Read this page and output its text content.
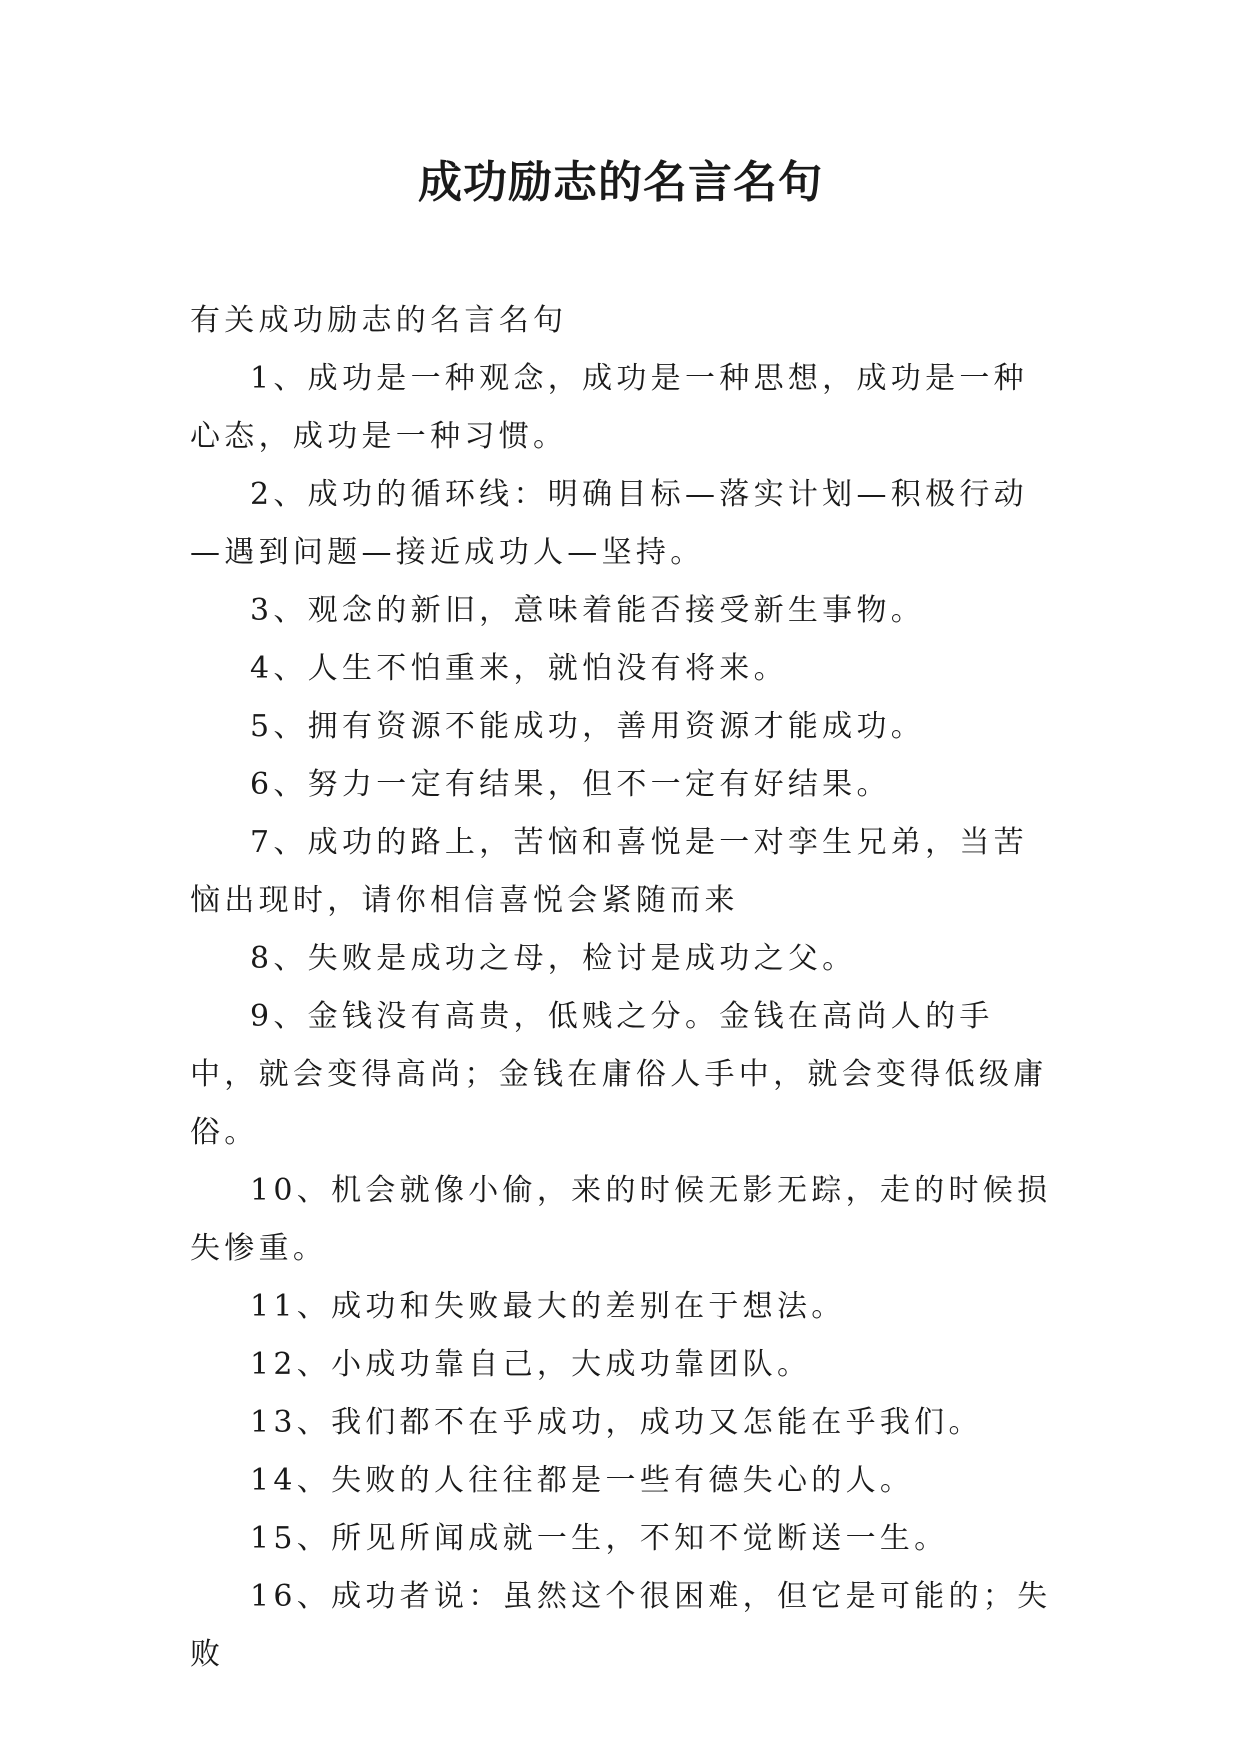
成功励志的名言名句

有关成功励志的名言名句

1、成功是一种观念，成功是一种思想，成功是一种心态，成功是一种习惯。

2、成功的循环线：明确目标—落实计划—积极行动—遇到问题—接近成功人—坚持。

3、观念的新旧，意味着能否接受新生事物。

4、人生不怕重来，就怕没有将来。

5、拥有资源不能成功，善用资源才能成功。

6、努力一定有结果，但不一定有好结果。

7、成功的路上，苦恼和喜悦是一对孪生兄弟，当苦恼出现时，请你相信喜悦会紧随而来

8、失败是成功之母，检讨是成功之父。

9、金钱没有高贵，低贱之分。金钱在高尚人的手中，就会变得高尚；金钱在庸俗人手中，就会变得低级庸俗。

10、机会就像小偷，来的时候无影无踪，走的时候损失惨重。

11、成功和失败最大的差别在于想法。

12、小成功靠自己，大成功靠团队。

13、我们都不在乎成功，成功又怎能在乎我们。

14、失败的人往往都是一些有德失心的人。

15、所见所闻成就一生，不知不觉断送一生。

16、成功者说：虽然这个很困难，但它是可能的；失败
